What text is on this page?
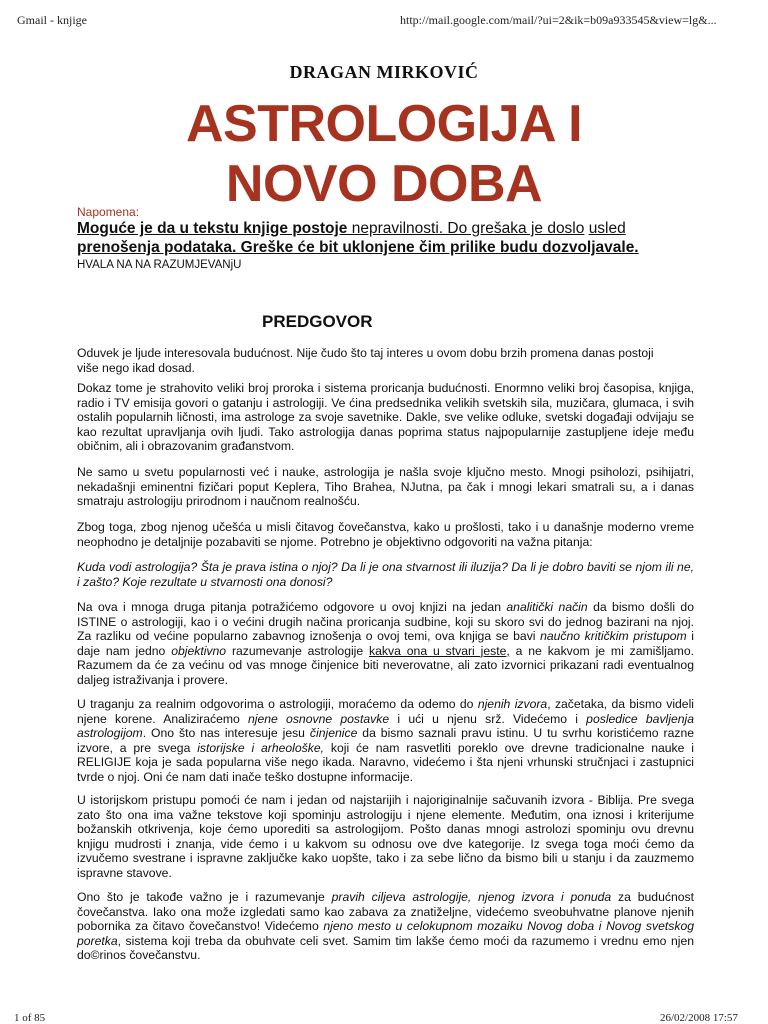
Gmail - knjige	http://mail.google.com/mail/?ui=2&ik=b09a933545&view=lg&...
DRAGAN MIRKOVIĆ
ASTROLOGIJA I
NOVO DOBA
Napomena:
Moguće je da u tekstu knjige postoje nepravilnosti. Do grešaka je doslo usled prenošenja podataka. Greške će bit uklonjene čim prilike budu dozvoljavale.
HVALA NA NA RAZUMJEVANjU
PREDGOVOR
Oduvek je ljude interesovala budućnost. Nije čudo što taj interes u ovom dobu brzih promena danas postoji više nego ikad dosad.
Dokaz tome je strahovito veliki broj proroka i sistema proricanja budućnosti. Enormno veliki broj časopisa, knjiga, radio i TV emisija govori o gatanju i astrologiji. Ve ćina predsednika velikih svetskih sila, muzičara, glumaca, i svih ostalih popularnih ličnosti, ima astrologe za svoje savetnike. Dakle, sve velike odluke, svetski događaji odvijaju se kao rezultat upravljanja ovih ljudi. Tako astrologija danas poprima status najpopularnije zastupljene ideje među običnim, ali i obrazovanim građanstvom.
Ne samo u svetu popularnosti već i nauke, astrologija je našla svoje ključno mesto. Mnogi psiholozi, psihijatri, nekadašnji eminentni fizičari poput Keplera, Tiho Brahea, NJutna, pa čak i mnogi lekari smatrali su, a i danas smatraju astrologiju prirodnom i naučnom realnošću.
Zbog toga, zbog njenog učešća u misli čitavog čovečanstva, kako u prošlosti, tako i u današnje moderno vreme neophodno je detaljnije pozabaviti se njome. Potrebno je objektivno odgovoriti na važna pitanja:
Kuda vodi astrologija? Šta je prava istina o njoj? Da li je ona stvarnost ili iluzija? Da li je dobro baviti se njom ili ne, i zašto? Koje rezultate u stvarnosti ona donosi?
Na ova i mnoga druga pitanja potražićemo odgovore u ovoj knjizi na jedan analitički način da bismo došli do ISTINE o astrologiji, kao i o većini drugih načina proricanja sudbine, koji su skoro svi do jednog bazirani na njoj. Za razliku od većine popularno zabavnog iznošenja o ovoj temi, ova knjiga se bavi naučno kritičkim pristupom i daje nam jedno objektivno razumevanje astrologije kakva ona u stvari jeste, a ne kakvom je mi zamišljamo. Razumem da će za većinu od vas mnoge činjenice biti neverovatne, ali zato izvornici prikazani radi eventualnog daljeg istraživanja i provere.
U traganju za realnim odgovorima o astrologiji, moraćemo da odemo do njenih izvora, začetaka, da bismo videli njene korene. Analiziraćemo njene osnovne postavke i ući u njenu srž. Videćemo i posledice bavljenja astrologijom. Ono što nas interesuje jesu činjenice da bismo saznali pravu istinu. U tu svrhu koristićemo razne izvore, a pre svega istorijske i arheološke, koji će nam rasvetliti poreklo ove drevne tradicionalne nauke i RELIGIJE koja je sada popularna više nego ikada. Naravno, videćemo i šta njeni vrhunski stručnjaci i zastupnici tvrde o njoj. Oni će nam dati inače teško dostupne informacije.
U istorijskom pristupu pomoći će nam i jedan od najstarijih i najoriginalnije sačuvanih izvora - Biblija. Pre svega zato što ona ima važne tekstove koji spominju astrologiju i njene elemente. Međutim, ona iznosi i kriterijume božanskih otkrivenja, koje ćemo uporediti sa astrologijom. Pošto danas mnogi astrolozi spominju ovu drevnu knjigu mudrosti i znanja, vide ćemo i u kakvom su odnosu ove dve kategorije. Iz svega toga moći ćemo da izvučemo svestrane i ispravne zaključke kako uopšte, tako i za sebe lično da bismo bili u stanju i da zauzmemo ispravne stavove.
Ono što je takođe važno je i razumevanje pravih ciljeva astrologije, njenog izvora i ponuda za budućnost čovečanstva. Iako ona može izgledati samo kao zabava za znatiželjne, videćemo sveobuhvatne planove njenih pobornika za čitavo čovečanstvo! Videćemo njeno mesto u celokupnom mozaiku Novog doba i Novog svetskog poretka, sistema koji treba da obuhvate celi svet. Samim tim lakše ćemo moći da razumemo i vrednu emo njen do©rinos čovečanstvu.
1 of 85	26/02/2008 17:57
